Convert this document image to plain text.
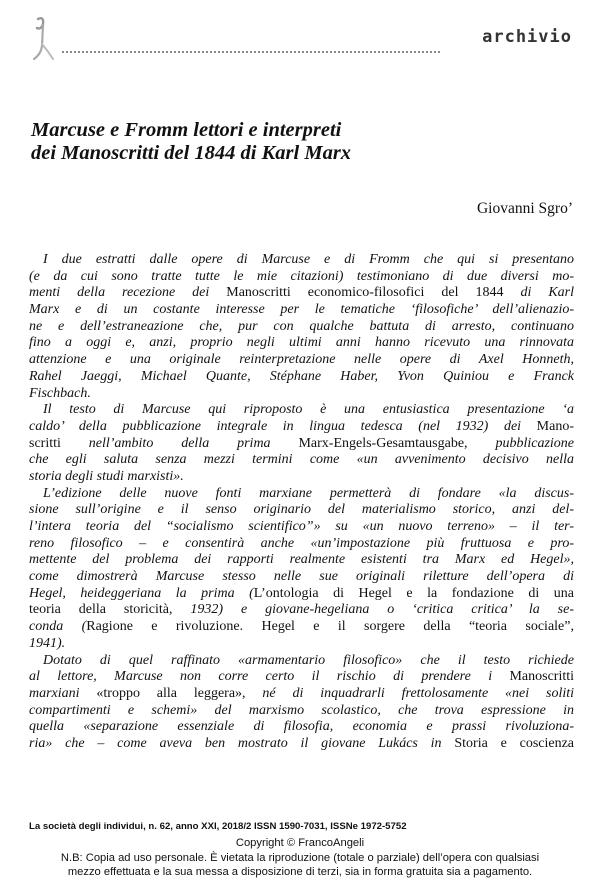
archivio
Marcuse e Fromm lettori e interpreti
dei Manoscritti del 1844 di Karl Marx
Giovanni Sgro’
I due estratti dalle opere di Marcuse e di Fromm che qui si presentano
(e da cui sono tratte tutte le mie citazioni) testimoniano di due diversi mo-
menti della recezione dei Manoscritti economico-filosofici del 1844 di Karl
Marx e di un costante interesse per le tematiche ‘filosofiche’ dell’alienazio-
ne e dell’estraneazione che, pur con qualche battuta di arresto, continuano
fino a oggi e, anzi, proprio negli ultimi anni hanno ricevuto una rinnovata
attenzione e una originale reinterpretazione nelle opere di Axel Honneth,
Rahel Jaeggi, Michael Quante, Stéphane Haber, Yvon Quiniou e Franck
Fischbach.
Il testo di Marcuse qui riproposto è una entusiastica presentazione ‘a
caldo’ della pubblicazione integrale in lingua tedesca (nel 1932) dei Mano-
scritti nell’ambito della prima Marx-Engels-Gesamtausgabe, pubblicazione
che egli saluta senza mezzi termini come «un avvenimento decisivo nella
storia degli studi marxisti».
L’edizione delle nuove fonti marxiane permetterà di fondare «la discus-
sione sull’origine e il senso originario del materialismo storico, anzi del-
l’intera teoria del “socialismo scientifico”» su «un nuovo terreno» – il ter-
reno filosofico – e consentirà anche «un’impostazione più fruttuosa e pro-
mettente del problema dei rapporti realmente esistenti tra Marx ed Hegel»,
come dimostrerà Marcuse stesso nelle sue originali riletture dell’opera di
Hegel, heideggeriana la prima (L’ontologia di Hegel e la fondazione di una
teoria della storicità, 1932) e giovane-hegeliana o ‘critica critica’ la se-
conda (Ragione e rivoluzione. Hegel e il sorgere della “teoria sociale”,
1941).
Dotato di quel raffinato «armamentario filosofico» che il testo richiede
al lettore, Marcuse non corre certo il rischio di prendere i Manoscritti
marxiani «troppo alla leggera», né di inquadrarli frettolosamente «nei soliti
compartimenti e schemi» del marxismo scolastico, che trova espressione in
quella «separazione essenziale di filosofia, economia e prassi rivoluziona-
ria» che – come aveva ben mostrato il giovane Lukács in Storia e coscienza
La società degli individui, n. 62, anno XXI, 2018/2 ISSN 1590-7031, ISSNe 1972-5752
Copyright © FrancoAngeli
N.B: Copia ad uso personale. È vietata la riproduzione (totale o parziale) dell’opera con qualsiasi
mezzo effettuata e la sua messa a disposizione di terzi, sia in forma gratuita sia a pagamento.
